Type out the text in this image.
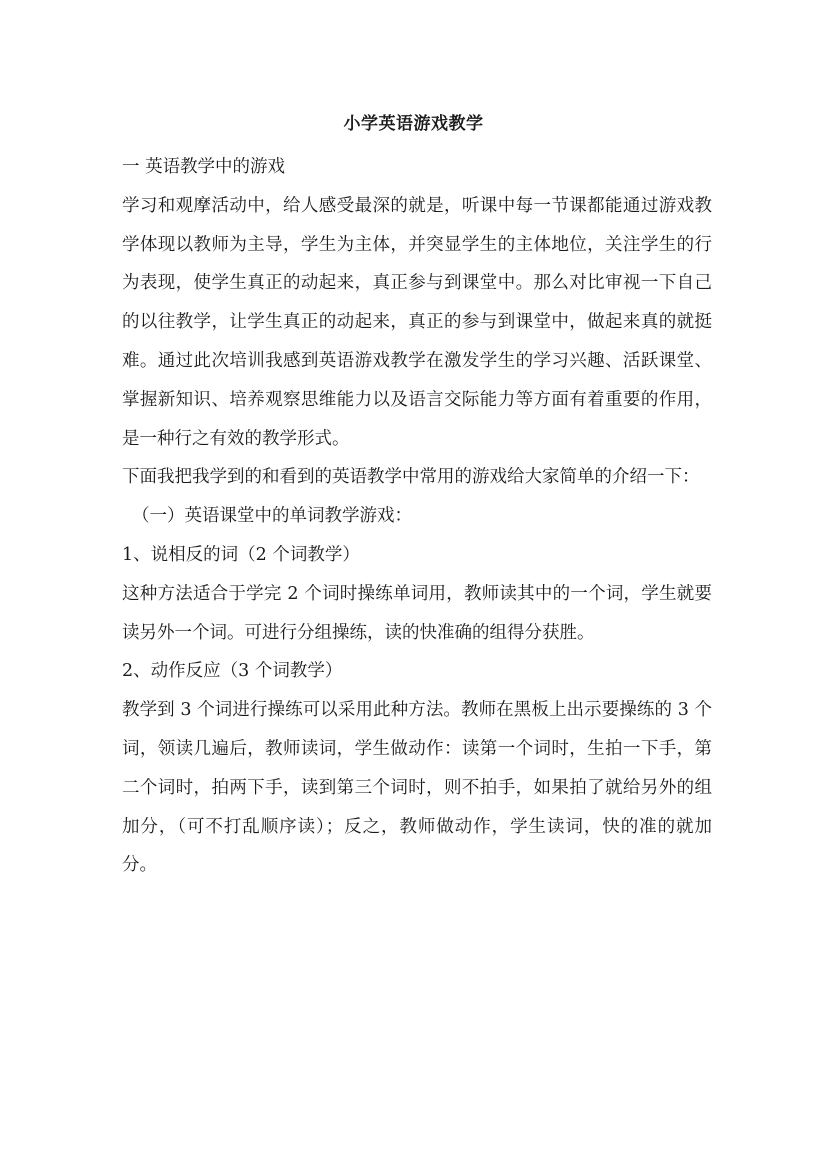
小学英语游戏教学

一 英语教学中的游戏

学习和观摩活动中，给人感受最深的就是，听课中每一节课都能通过游戏教学体现以教师为主导，学生为主体，并突显学生的主体地位，关注学生的行为表现，使学生真正的动起来，真正参与到课堂中。那么对比审视一下自己的以往教学，让学生真正的动起来，真正的参与到课堂中，做起来真的就挺难。通过此次培训我感到英语游戏教学在激发学生的学习兴趣、活跃课堂、掌握新知识、培养观察思维能力以及语言交际能力等方面有着重要的作用，是一种行之有效的教学形式。

下面我把我学到的和看到的英语教学中常用的游戏给大家简单的介绍一下：

（一）英语课堂中的单词教学游戏：

1、说相反的词（2 个词教学）

这种方法适合于学完 2 个词时操练单词用，教师读其中的一个词，学生就要读另外一个词。可进行分组操练，读的快准确的组得分获胜。

2、动作反应（3 个词教学）

教学到 3 个词进行操练可以采用此种方法。教师在黑板上出示要操练的 3 个词，领读几遍后，教师读词，学生做动作：读第一个词时，生拍一下手，第二个词时，拍两下手，读到第三个词时，则不拍手，如果拍了就给另外的组加分，（可不打乱顺序读）；反之，教师做动作，学生读词，快的准的就加分。
